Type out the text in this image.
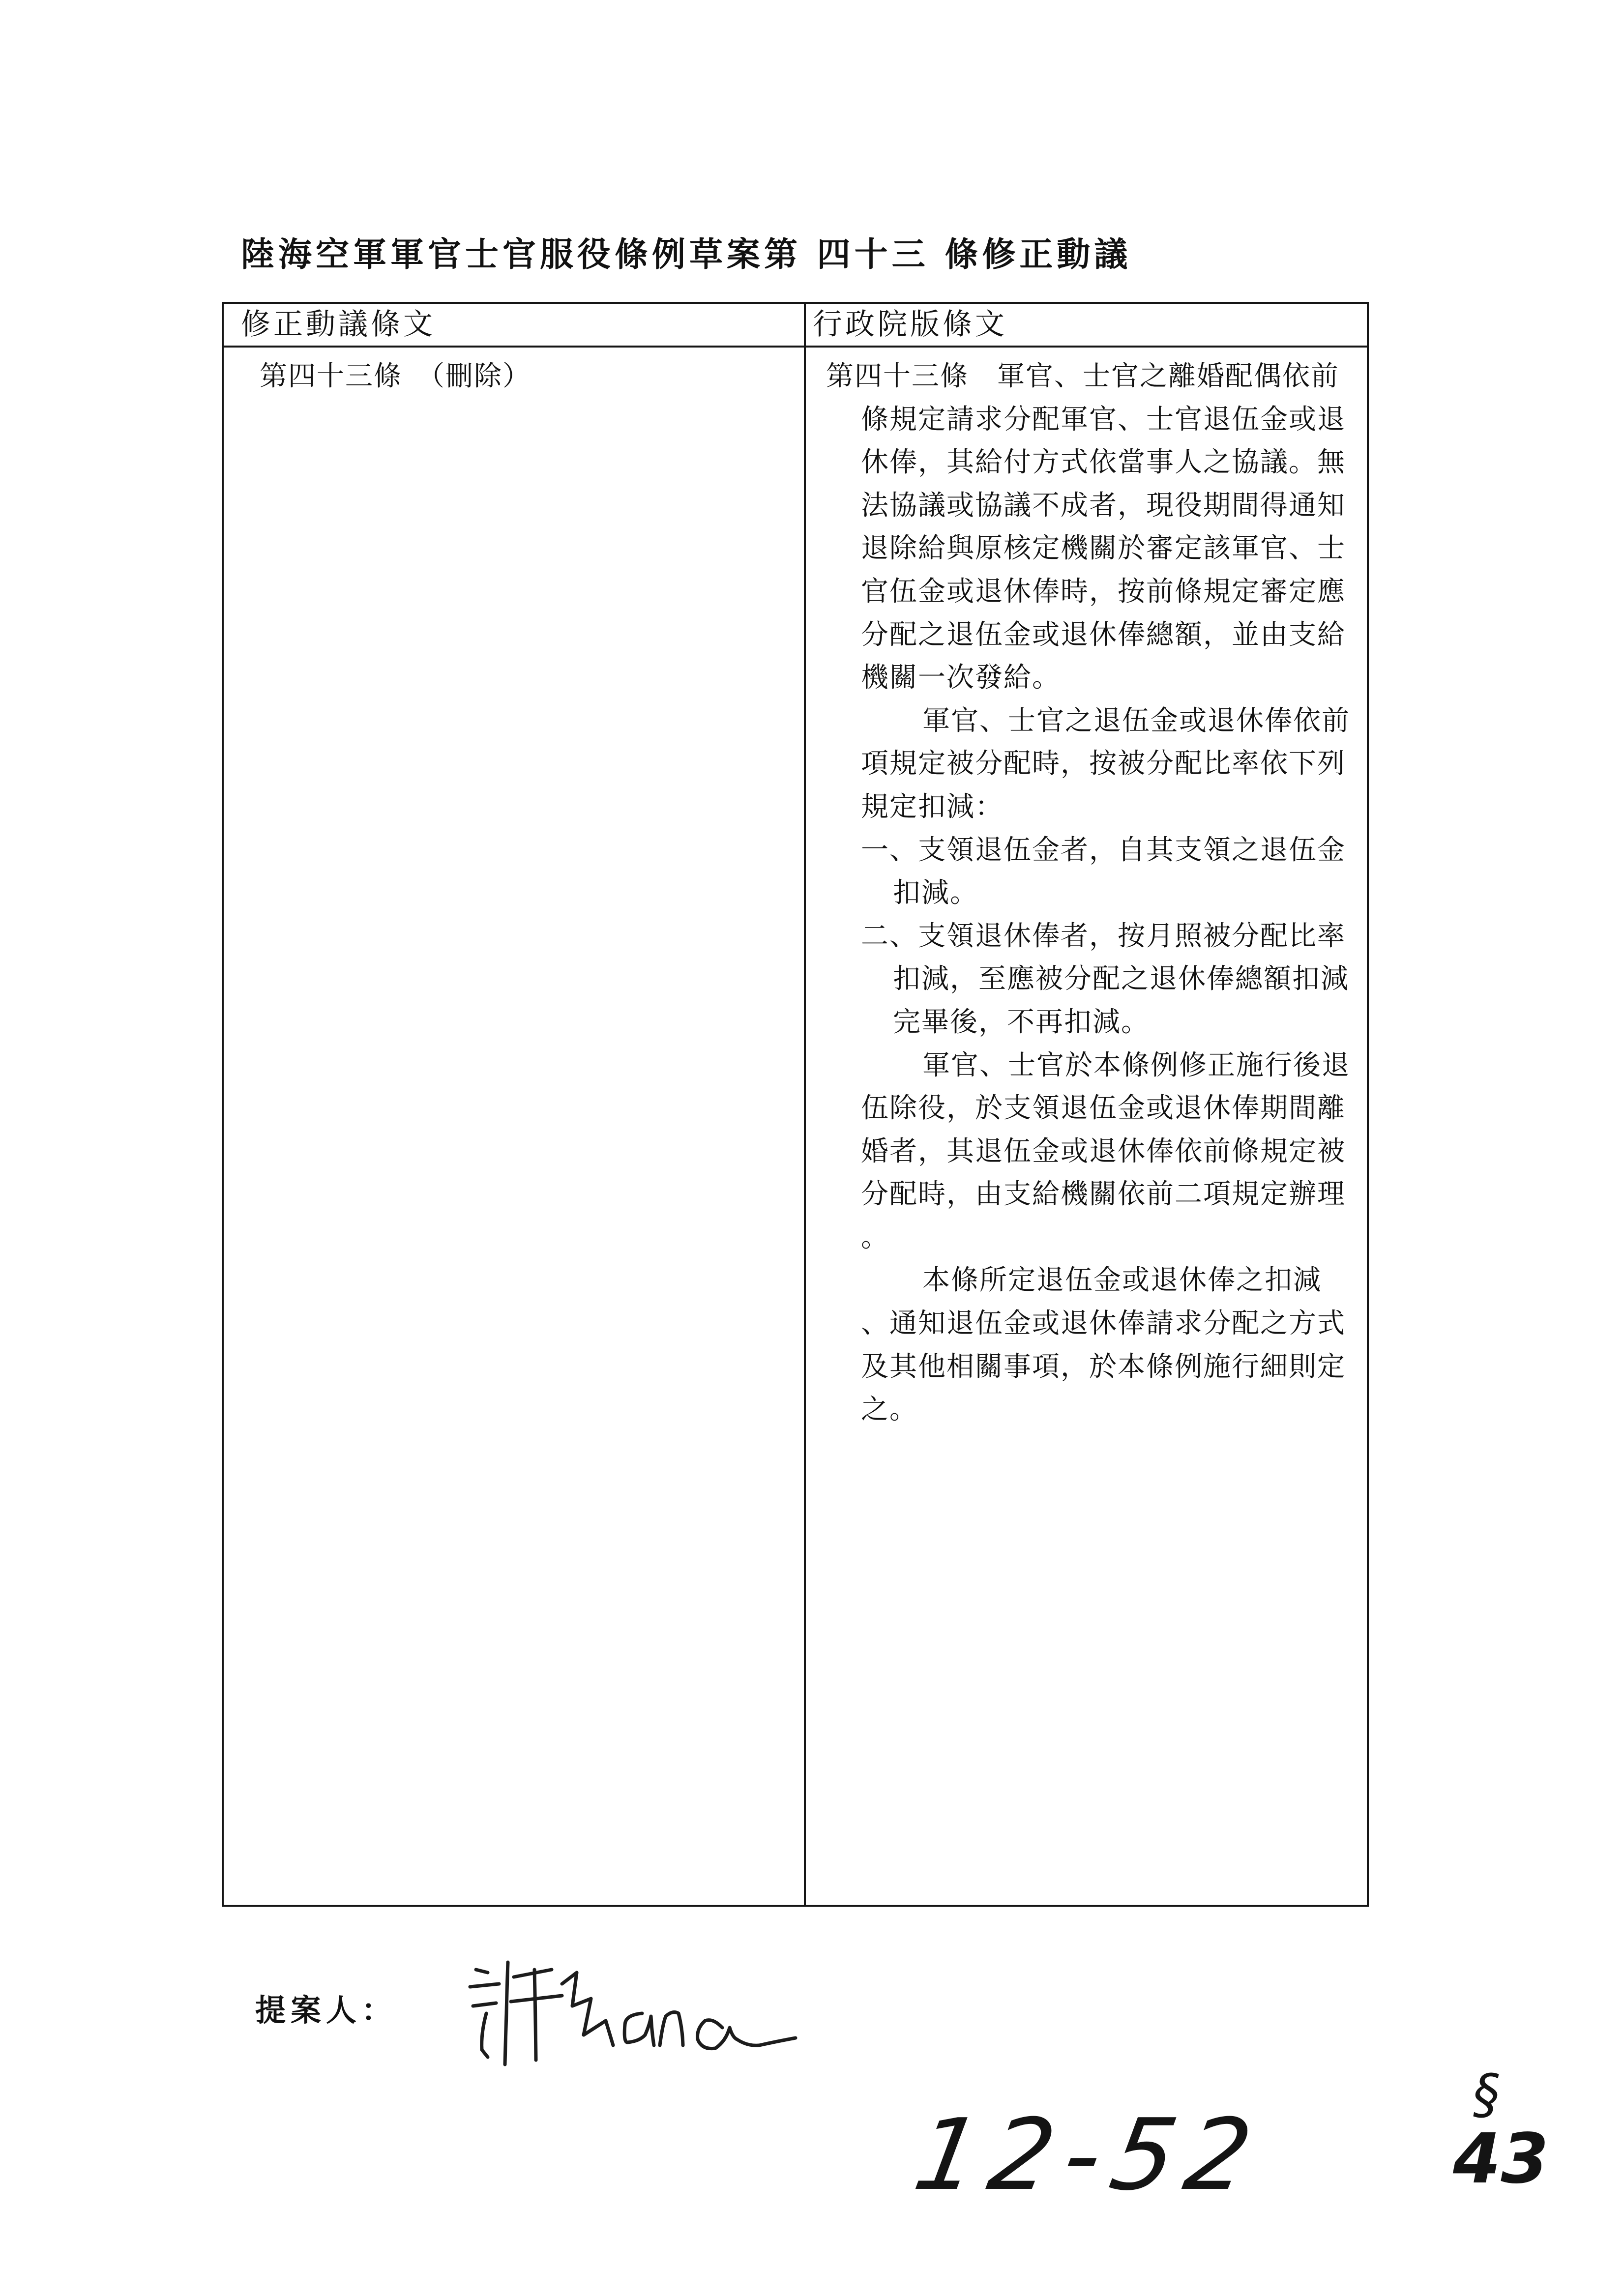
陸海空軍軍官士官服役條例草案第 四十三 條修正動議
修正動議條文	行政院版條文
第四十三條　（刪除）	第四十三條　軍官、士官之離婚配偶依前
條規定請求分配軍官、士官退伍金或退
休俸，其給付方式依當事人之協議。無
法協議或協議不成者，現役期間得通知
退除給與原核定機關於審定該軍官、士
官伍金或退休俸時，按前條規定審定應
分配之退伍金或退休俸總額，並由支給
機關一次發給。
軍官、士官之退伍金或退休俸依前
項規定被分配時，按被分配比率依下列
規定扣減：
一、支領退伍金者，自其支領之退伍金
扣減。
二、支領退休俸者，按月照被分配比率
扣減，至應被分配之退休俸總額扣減
完畢後，不再扣減。
軍官、士官於本條例修正施行後退
伍除役，於支領退伍金或退休俸期間離
婚者，其退伍金或退休俸依前條規定被
分配時，由支給機關依前二項規定辦理
。
本條所定退伍金或退休俸之扣減
、通知退伍金或退休俸請求分配之方式
及其他相關事項，於本條例施行細則定
之。
提案人：
12-52
§
43
